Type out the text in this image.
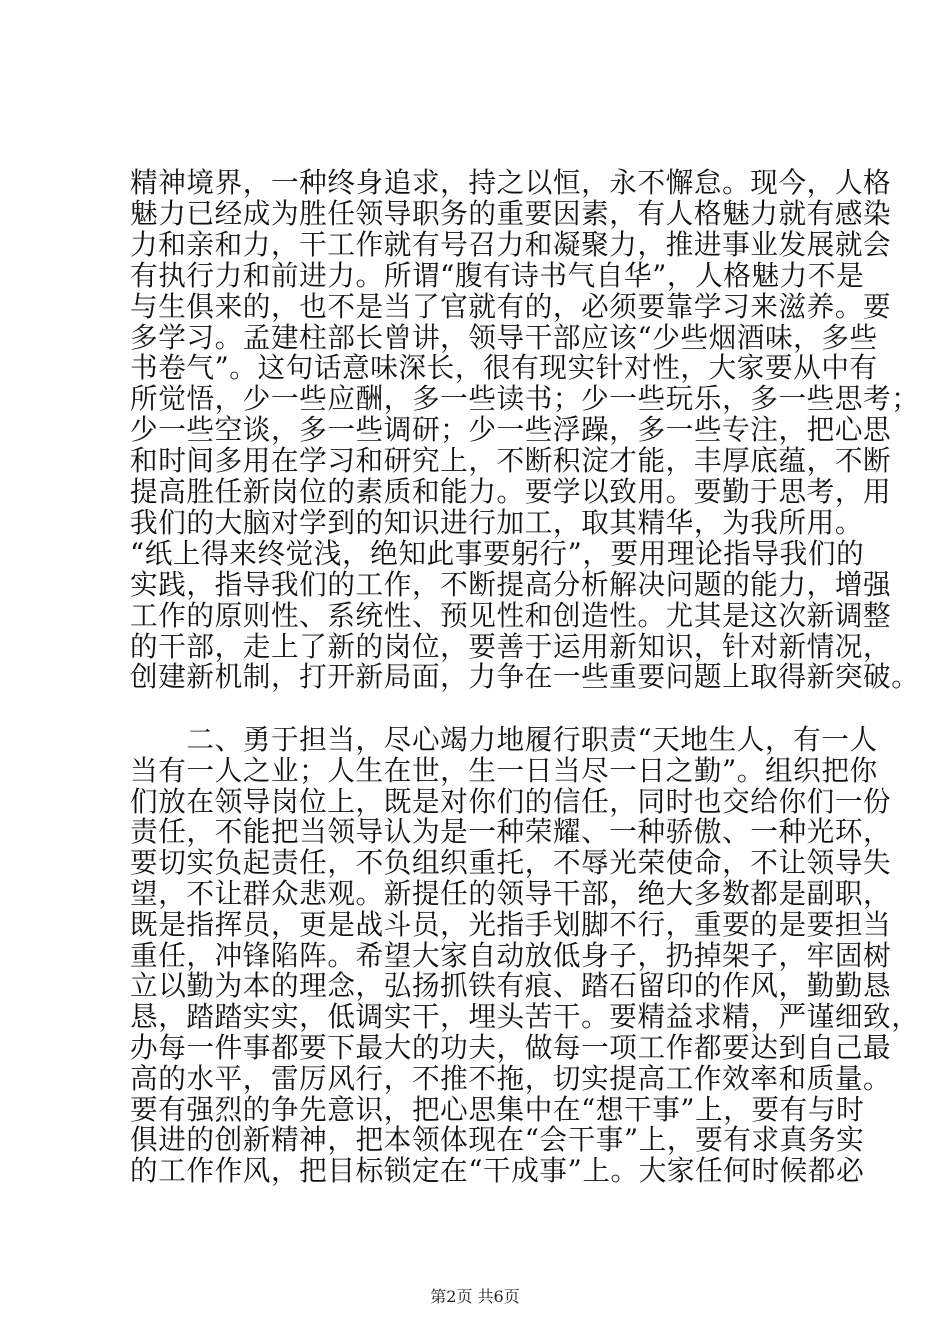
精神境界，一种终身追求，持之以恒，永不懈怠。现今，人格
魅力已经成为胜任领导职务的重要因素，有人格魅力就有感染
力和亲和力，干工作就有号召力和凝聚力，推进事业发展就会
有执行力和前进力。所谓“腹有诗书气自华”，人格魅力不是
与生俱来的，也不是当了官就有的，必须要靠学习来滋养。要
多学习。孟建柱部长曾讲，领导干部应该“少些烟酒味，多些
书卷气”。这句话意味深长，很有现实针对性，大家要从中有
所觉悟，少一些应酬，多一些读书；少一些玩乐，多一些思考；
少一些空谈，多一些调研；少一些浮躁，多一些专注，把心思
和时间多用在学习和研究上，不断积淀才能，丰厚底蕴，不断
提高胜任新岗位的素质和能力。要学以致用。要勤于思考，用
我们的大脑对学到的知识进行加工，取其精华，为我所用。
“纸上得来终觉浅，绝知此事要躬行”，要用理论指导我们的
实践，指导我们的工作，不断提高分析解决问题的能力，增强
工作的原则性、系统性、预见性和创造性。尤其是这次新调整
的干部，走上了新的岗位，要善于运用新知识，针对新情况，
创建新机制，打开新局面，力争在一些重要问题上取得新突破。
　　二、勇于担当，尽心竭力地履行职责“天地生人，有一人
当有一人之业；人生在世，生一日当尽一日之勤”。组织把你
们放在领导岗位上，既是对你们的信任，同时也交给你们一份
责任，不能把当领导认为是一种荣耀、一种骄傲、一种光环，
要切实负起责任，不负组织重托，不辱光荣使命，不让领导失
望，不让群众悲观。新提任的领导干部，绝大多数都是副职，
既是指挥员，更是战斗员，光指手划脚不行，重要的是要担当
重任，冲锋陷阵。希望大家自动放低身子，扔掉架子，牢固树
立以勤为本的理念，弘扬抓铁有痕、踏石留印的作风，勤勤恳
恳，踏踏实实，低调实干，埋头苦干。要精益求精，严谨细致，
办每一件事都要下最大的功夫，做每一项工作都要达到自己最
高的水平，雷厉风行，不推不拖，切实提高工作效率和质量。
要有强烈的争先意识，把心思集中在“想干事”上，要有与时
俱进的创新精神，把本领体现在“会干事”上，要有求真务实
的工作作风，把目标锁定在“干成事”上。大家任何时候都必
第2页 共6页
